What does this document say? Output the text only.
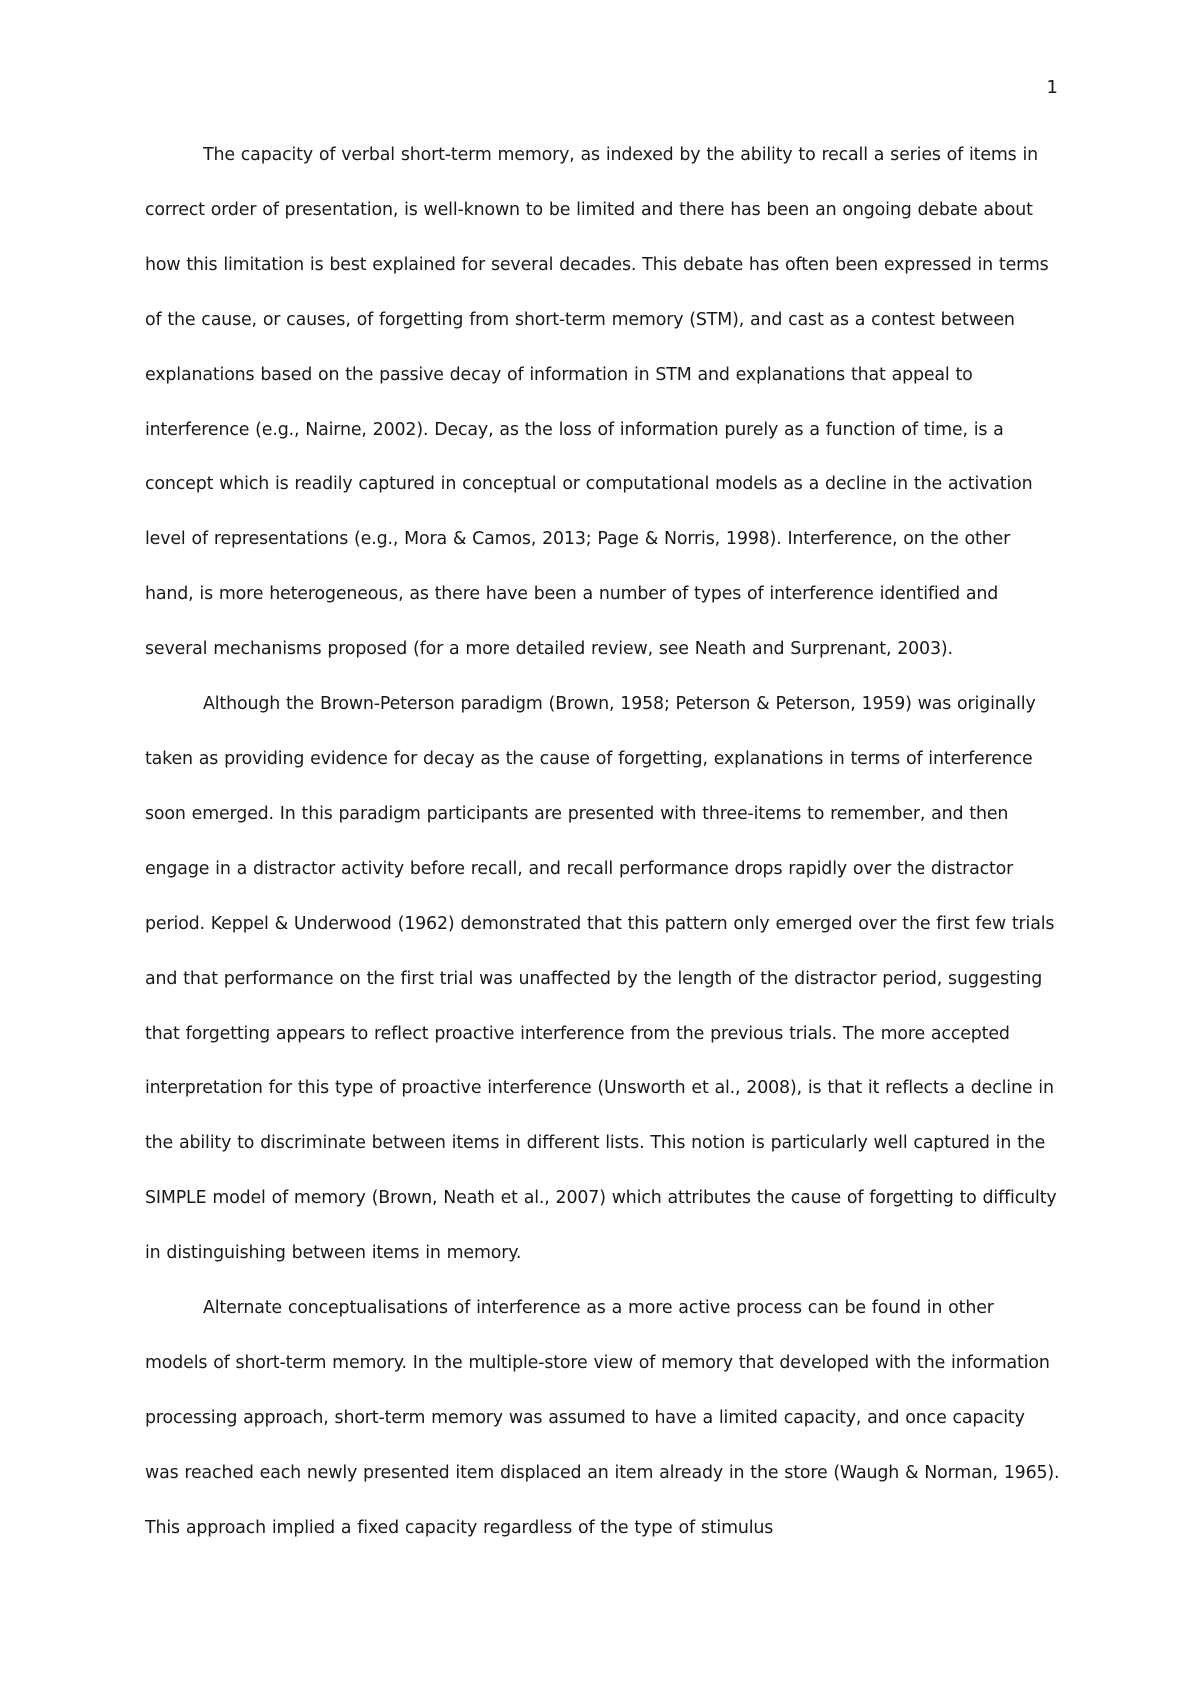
1

The capacity of verbal short-term memory, as indexed by the ability to recall a series of items in correct order of presentation, is well-known to be limited and there has been an ongoing debate about how this limitation is best explained for several decades. This debate has often been expressed in terms of the cause, or causes, of forgetting from short-term memory (STM), and cast as a contest between explanations based on the passive decay of information in STM and explanations that appeal to interference (e.g., Nairne, 2002). Decay, as the loss of information purely as a function of time, is a concept which is readily captured in conceptual or computational models as a decline in the activation level of representations (e.g., Mora & Camos, 2013; Page & Norris, 1998). Interference, on the other hand, is more heterogeneous, as there have been a number of types of interference identified and several mechanisms proposed (for a more detailed review, see Neath and Surprenant, 2003).

Although the Brown-Peterson paradigm (Brown, 1958; Peterson & Peterson, 1959) was originally taken as providing evidence for decay as the cause of forgetting, explanations in terms of interference soon emerged. In this paradigm participants are presented with three-items to remember, and then engage in a distractor activity before recall, and recall performance drops rapidly over the distractor period. Keppel & Underwood (1962) demonstrated that this pattern only emerged over the first few trials and that performance on the first trial was unaffected by the length of the distractor period, suggesting that forgetting appears to reflect proactive interference from the previous trials. The more accepted interpretation for this type of proactive interference (Unsworth et al., 2008), is that it reflects a decline in the ability to discriminate between items in different lists. This notion is particularly well captured in the SIMPLE model of memory (Brown, Neath et al., 2007) which attributes the cause of forgetting to difficulty in distinguishing between items in memory.

Alternate conceptualisations of interference as a more active process can be found in other models of short-term memory. In the multiple-store view of memory that developed with the information processing approach, short-term memory was assumed to have a limited capacity, and once capacity was reached each newly presented item displaced an item already in the store (Waugh & Norman, 1965). This approach implied a fixed capacity regardless of the type of stimulus
